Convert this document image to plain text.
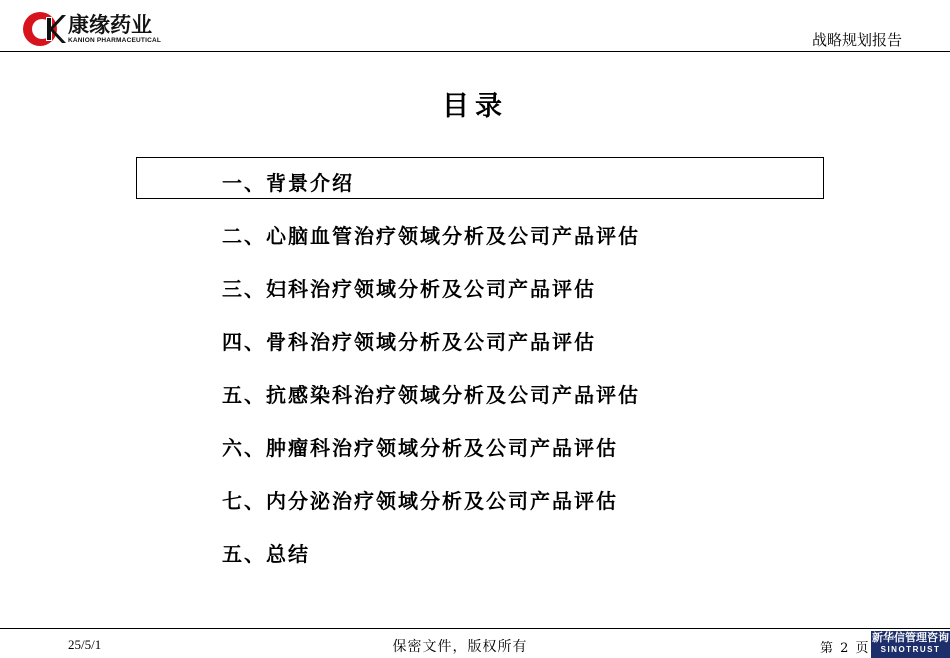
康缘药业
KANION PHARMACEUTICAL	战略规划报告
目录
一、背景介绍
二、心脑血管治疗领域分析及公司产品评估
三、妇科治疗领域分析及公司产品评估
四、骨科治疗领域分析及公司产品评估
五、抗感染科治疗领域分析及公司产品评估
六、肿瘤科治疗领域分析及公司产品评估
七、内分泌治疗领域分析及公司产品评估
五、总结
25/5/1	保密文件，版权所有	第 2 页
新华信管理咨询
SINOTRUST
